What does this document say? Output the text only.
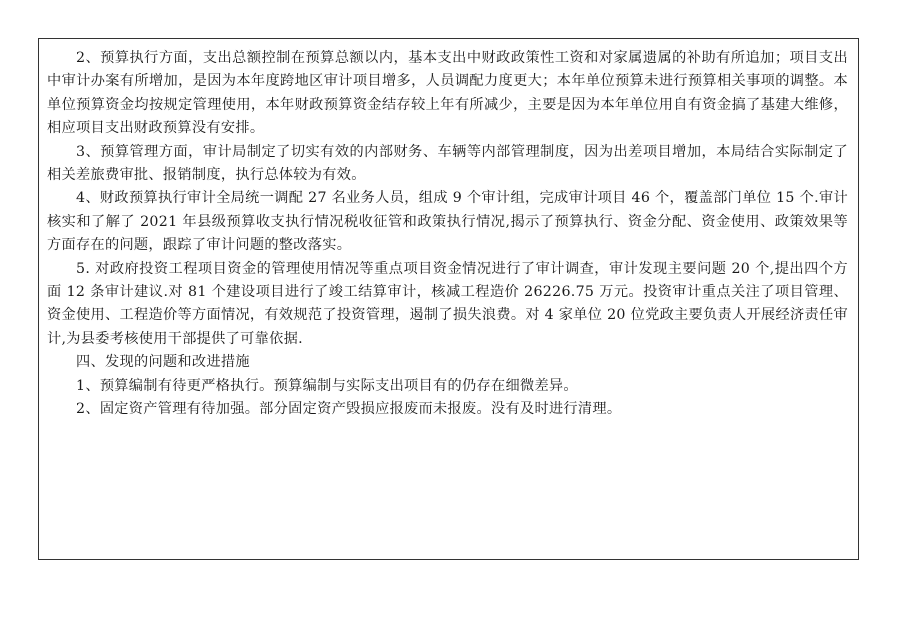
2、预算执行方面，支出总额控制在预算总额以内，基本支出中财政政策性工资和对家属遗属的补助有所追加；项目支出中审计办案有所增加，是因为本年度跨地区审计项目增多，人员调配力度更大；本年单位预算未进行预算相关事项的调整。本单位预算资金均按规定管理使用，本年财政预算资金结存较上年有所减少，主要是因为本年单位用自有资金搞了基建大维修，相应项目支出财政预算没有安排。

3、预算管理方面，审计局制定了切实有效的内部财务、车辆等内部管理制度，因为出差项目增加，本局结合实际制定了相关差旅费审批、报销制度，执行总体较为有效。

4、财政预算执行审计全局统一调配 27 名业务人员，组成 9 个审计组，完成审计项目 46 个，覆盖部门单位 15 个.审计核实和了解了 2021 年县级预算收支执行情况税收征管和政策执行情况,揭示了预算执行、资金分配、资金使用、政策效果等方面存在的问题，跟踪了审计问题的整改落实。

5. 对政府投资工程项目资金的管理使用情况等重点项目资金情况进行了审计调查，审计发现主要问题 20 个,提出四个方面 12 条审计建议.对 81 个建设项目进行了竣工结算审计，核减工程造价 26226.75 万元。投资审计重点关注了项目管理、资金使用、工程造价等方面情况，有效规范了投资管理，遏制了损失浪费。对 4 家单位 20 位党政主要负责人开展经济责任审计,为县委考核使用干部提供了可靠依据.

四、发现的问题和改进措施

1、预算编制有待更严格执行。预算编制与实际支出项目有的仍存在细微差异。

2、固定资产管理有待加强。部分固定资产毁损应报废而未报废。没有及时进行清理。
